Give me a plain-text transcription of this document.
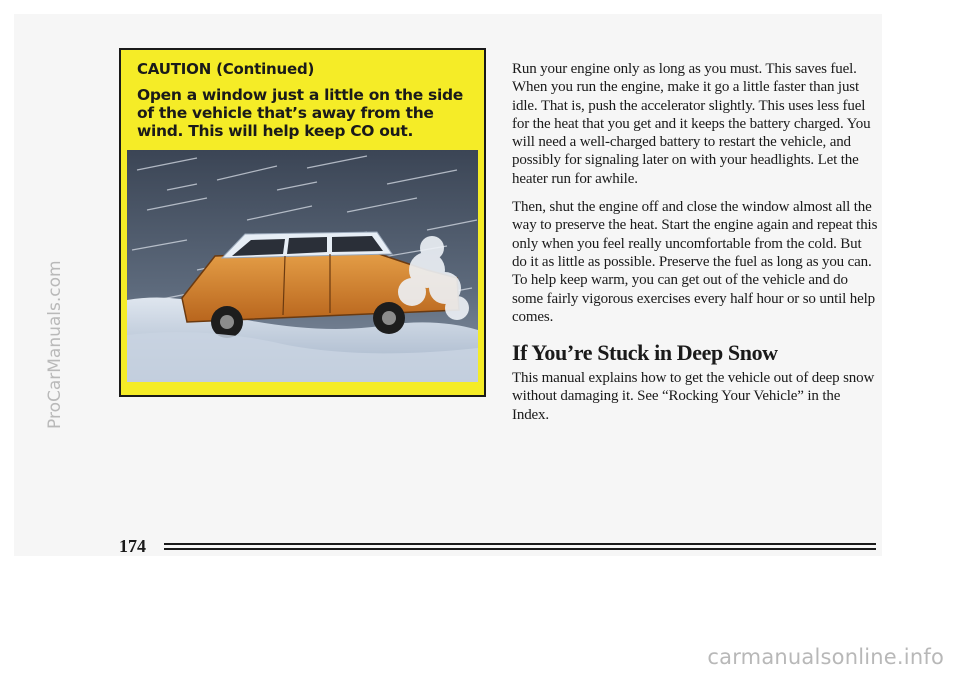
CAUTION (Continued)
Open a window just a little on the side of the vehicle that’s away from the wind. This will help keep CO out.

Run your engine only as long as you must. This saves fuel. When you run the engine, make it go a little faster than just idle. That is, push the accelerator slightly. This uses less fuel for the heat that you get and it keeps the battery charged. You will need a well-charged battery to restart the vehicle, and possibly for signaling later on with your headlights. Let the heater run for awhile.

Then, shut the engine off and close the window almost all the way to preserve the heat. Start the engine again and repeat this only when you feel really uncomfortable from the cold. But do it as little as possible. Preserve the fuel as long as you can. To help keep warm, you can get out of the vehicle and do some fairly vigorous exercises every half hour or so until help comes.

If You’re Stuck in Deep Snow

This manual explains how to get the vehicle out of deep snow without damaging it. See “Rocking Your Vehicle” in the Index.

174
ProCarManuals.com
carmanualsonline.info
